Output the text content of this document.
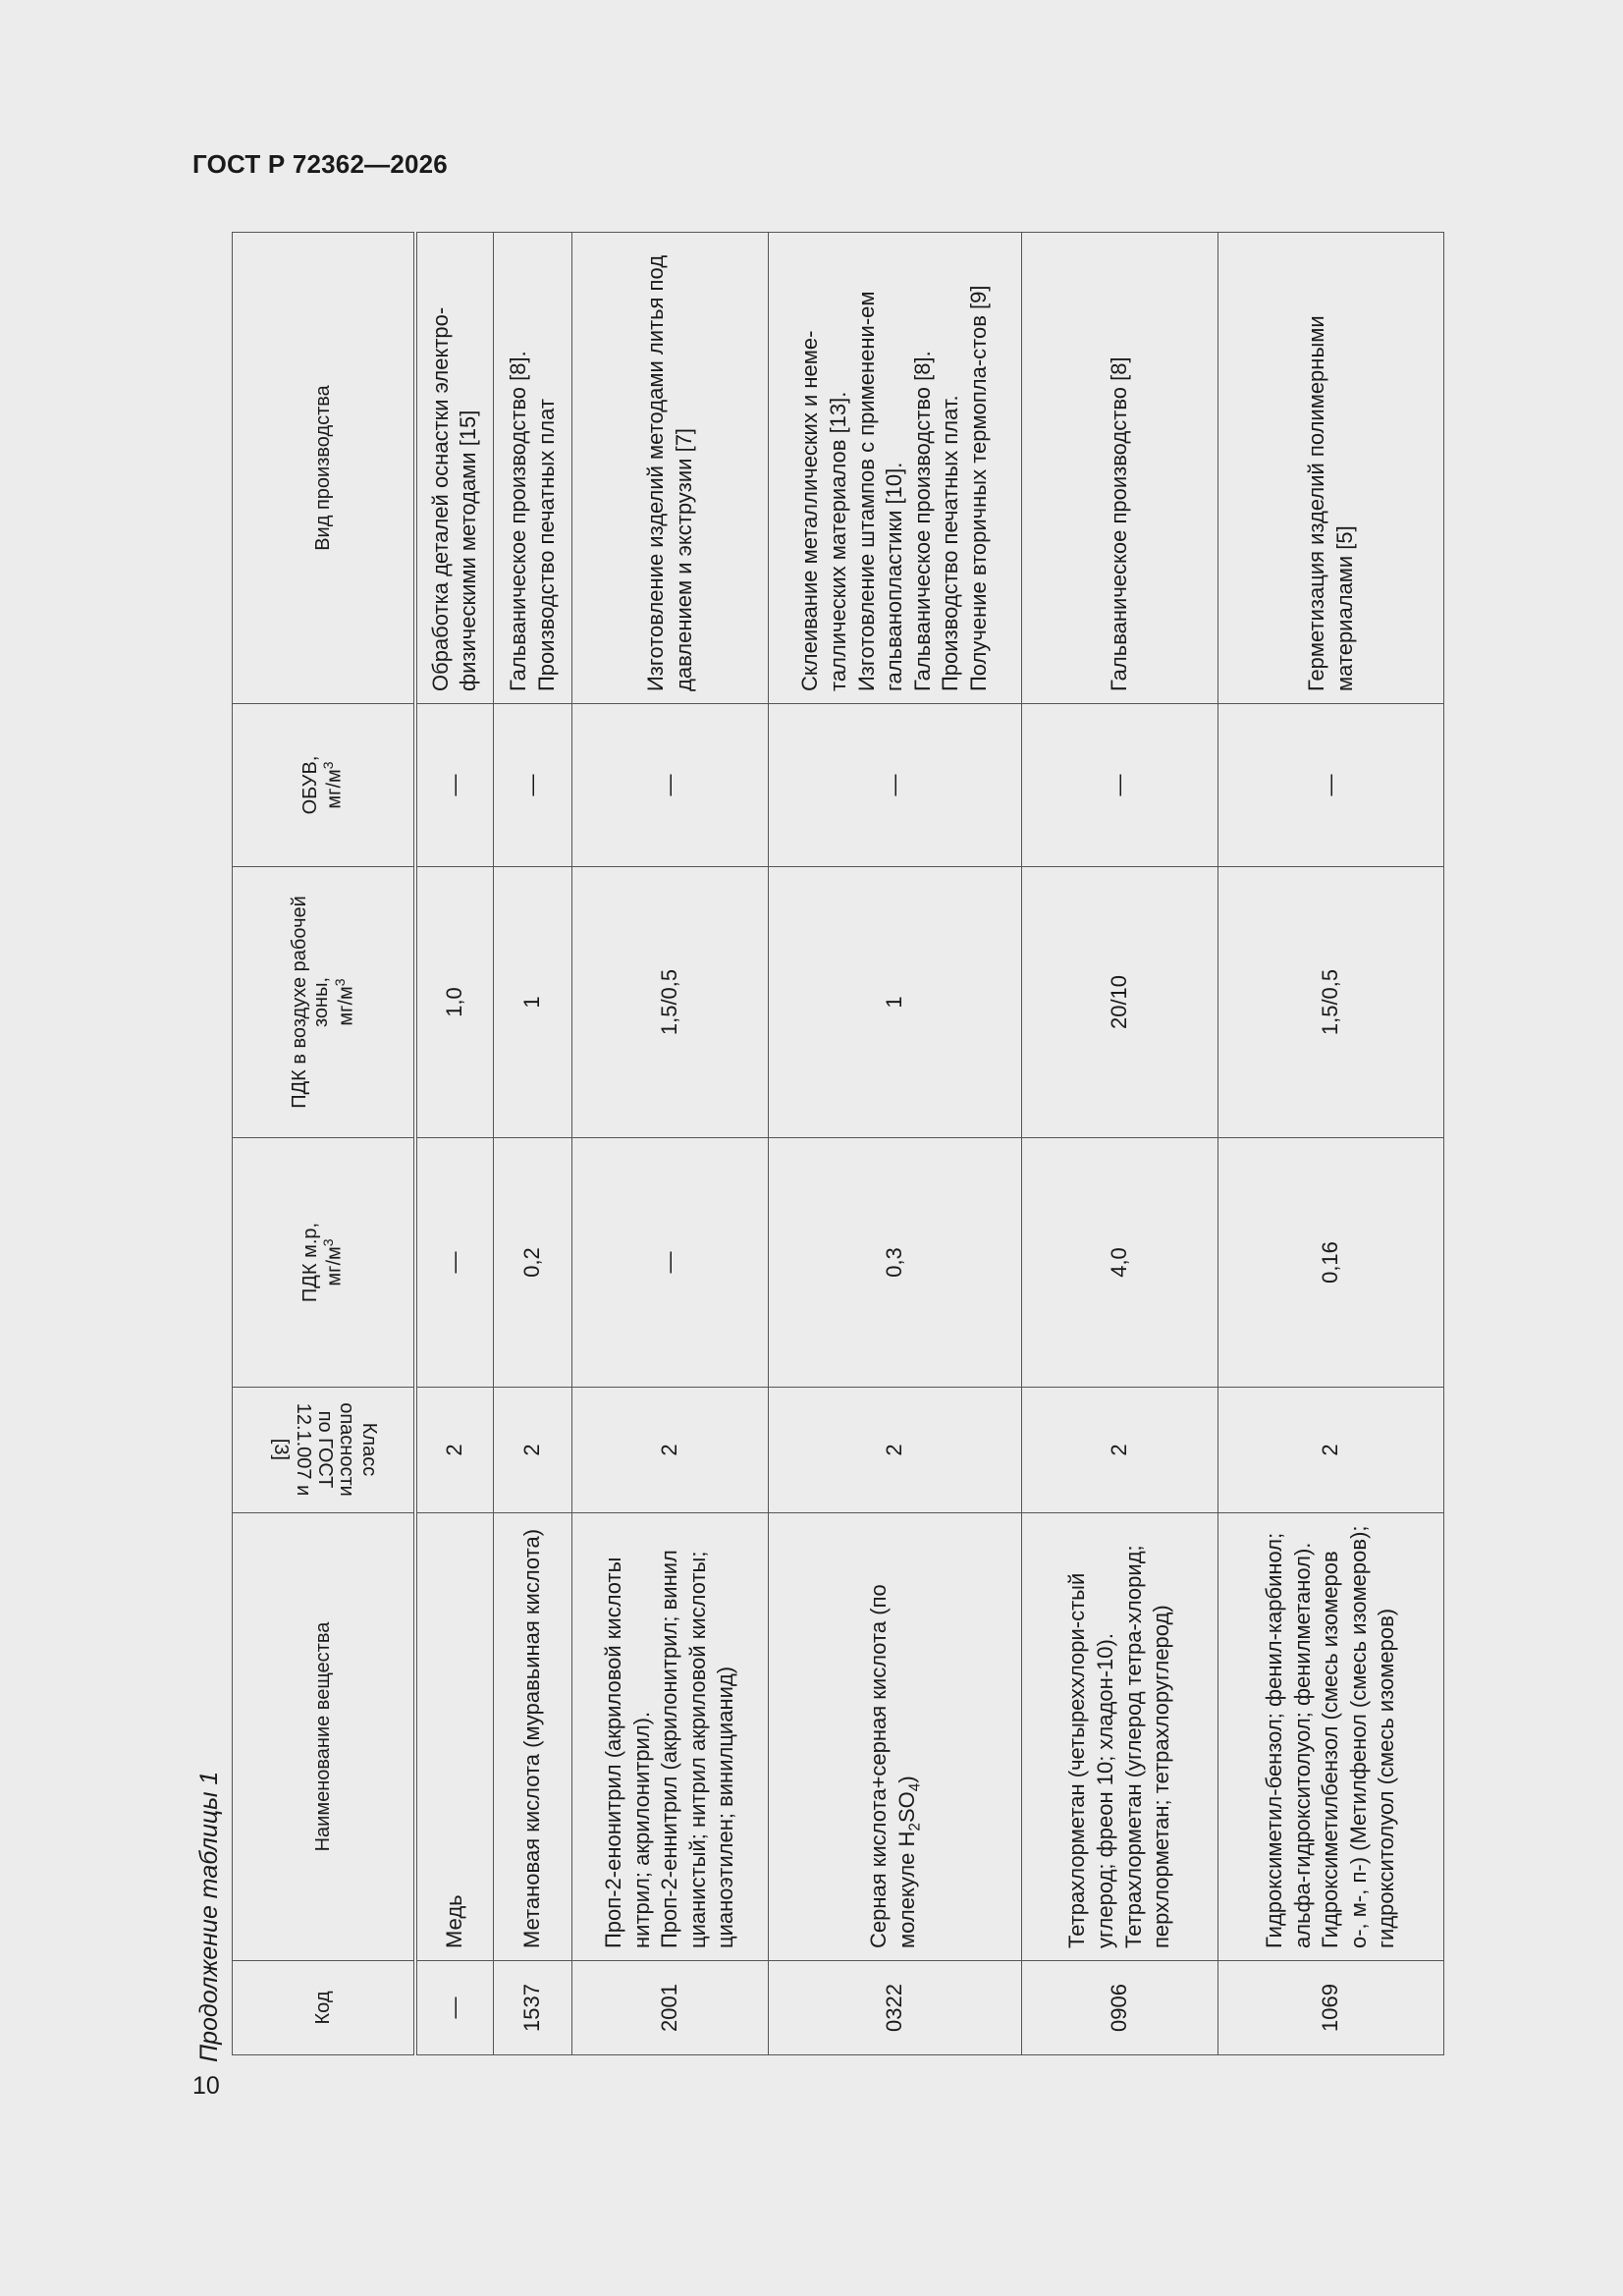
ГОСТ Р 72362—2026
10
Продолжение таблицы 1	Код	Наименование вещества	Класс опасности по ГОСТ 12.1.007 и [3]	ПДК м.р, $мг/м^3$	ПДК в воздухе рабочей зоны, $мг/м^3$	ОБУВ, $мг/м^3$	Вид производства
—	Медь	2	—	1,0	—	Обработка деталей оснастки электро-физическими методами [15]
1537	Метановая кислота (муравьиная кислота)	2	0,2	1	—	Гальваническое производство [8]. Производство печатных плат

2001	Проп-2-енонитрил (акриловой кислоты нитрил; акрилонитрил). Проп-2-еннитрил (акрилонитрил; винил цианистый; нитрил акриловой кислоты; цианоэтилен; винилцианид)	2	—	1,5/0,5	—	Изготовление изделий методами литья под давлением и экструзии [7]
0322	Серная кислота+серная кислота (по молекуле $H_2SO_4$)	2	0,3	1	—	Склеивание металлических и неме-таллических материалов [13]. Изготовление штампов с применени-ем гальванопластики [10]. Гальваническое производство [8]. Производство печатных плат. Получение вторичных термопла-стов [9]

0906	Тетрахлорметан (четыреххлори-стый углерод; фреон 10; хладон-10). Тетрахлорметан (углерод тетра-хлорид; перхлорметан; тетрахлоруглерод)	2	4,0	20/10	—	Гальваническое производство [8]
1069	Гидроксиметил-бензол; фенил-карбинол; альфа-гидрокситолуол; фенилметанол). Гидроксиметилбензол (смесь изомеров о-, м-, п-) (Метилфенол (смесь изомеров); гидрокситолуол (смесь изомеров)	2	0,16	1,5/0,5	—	Герметизация изделий полимерными материалами [5]
